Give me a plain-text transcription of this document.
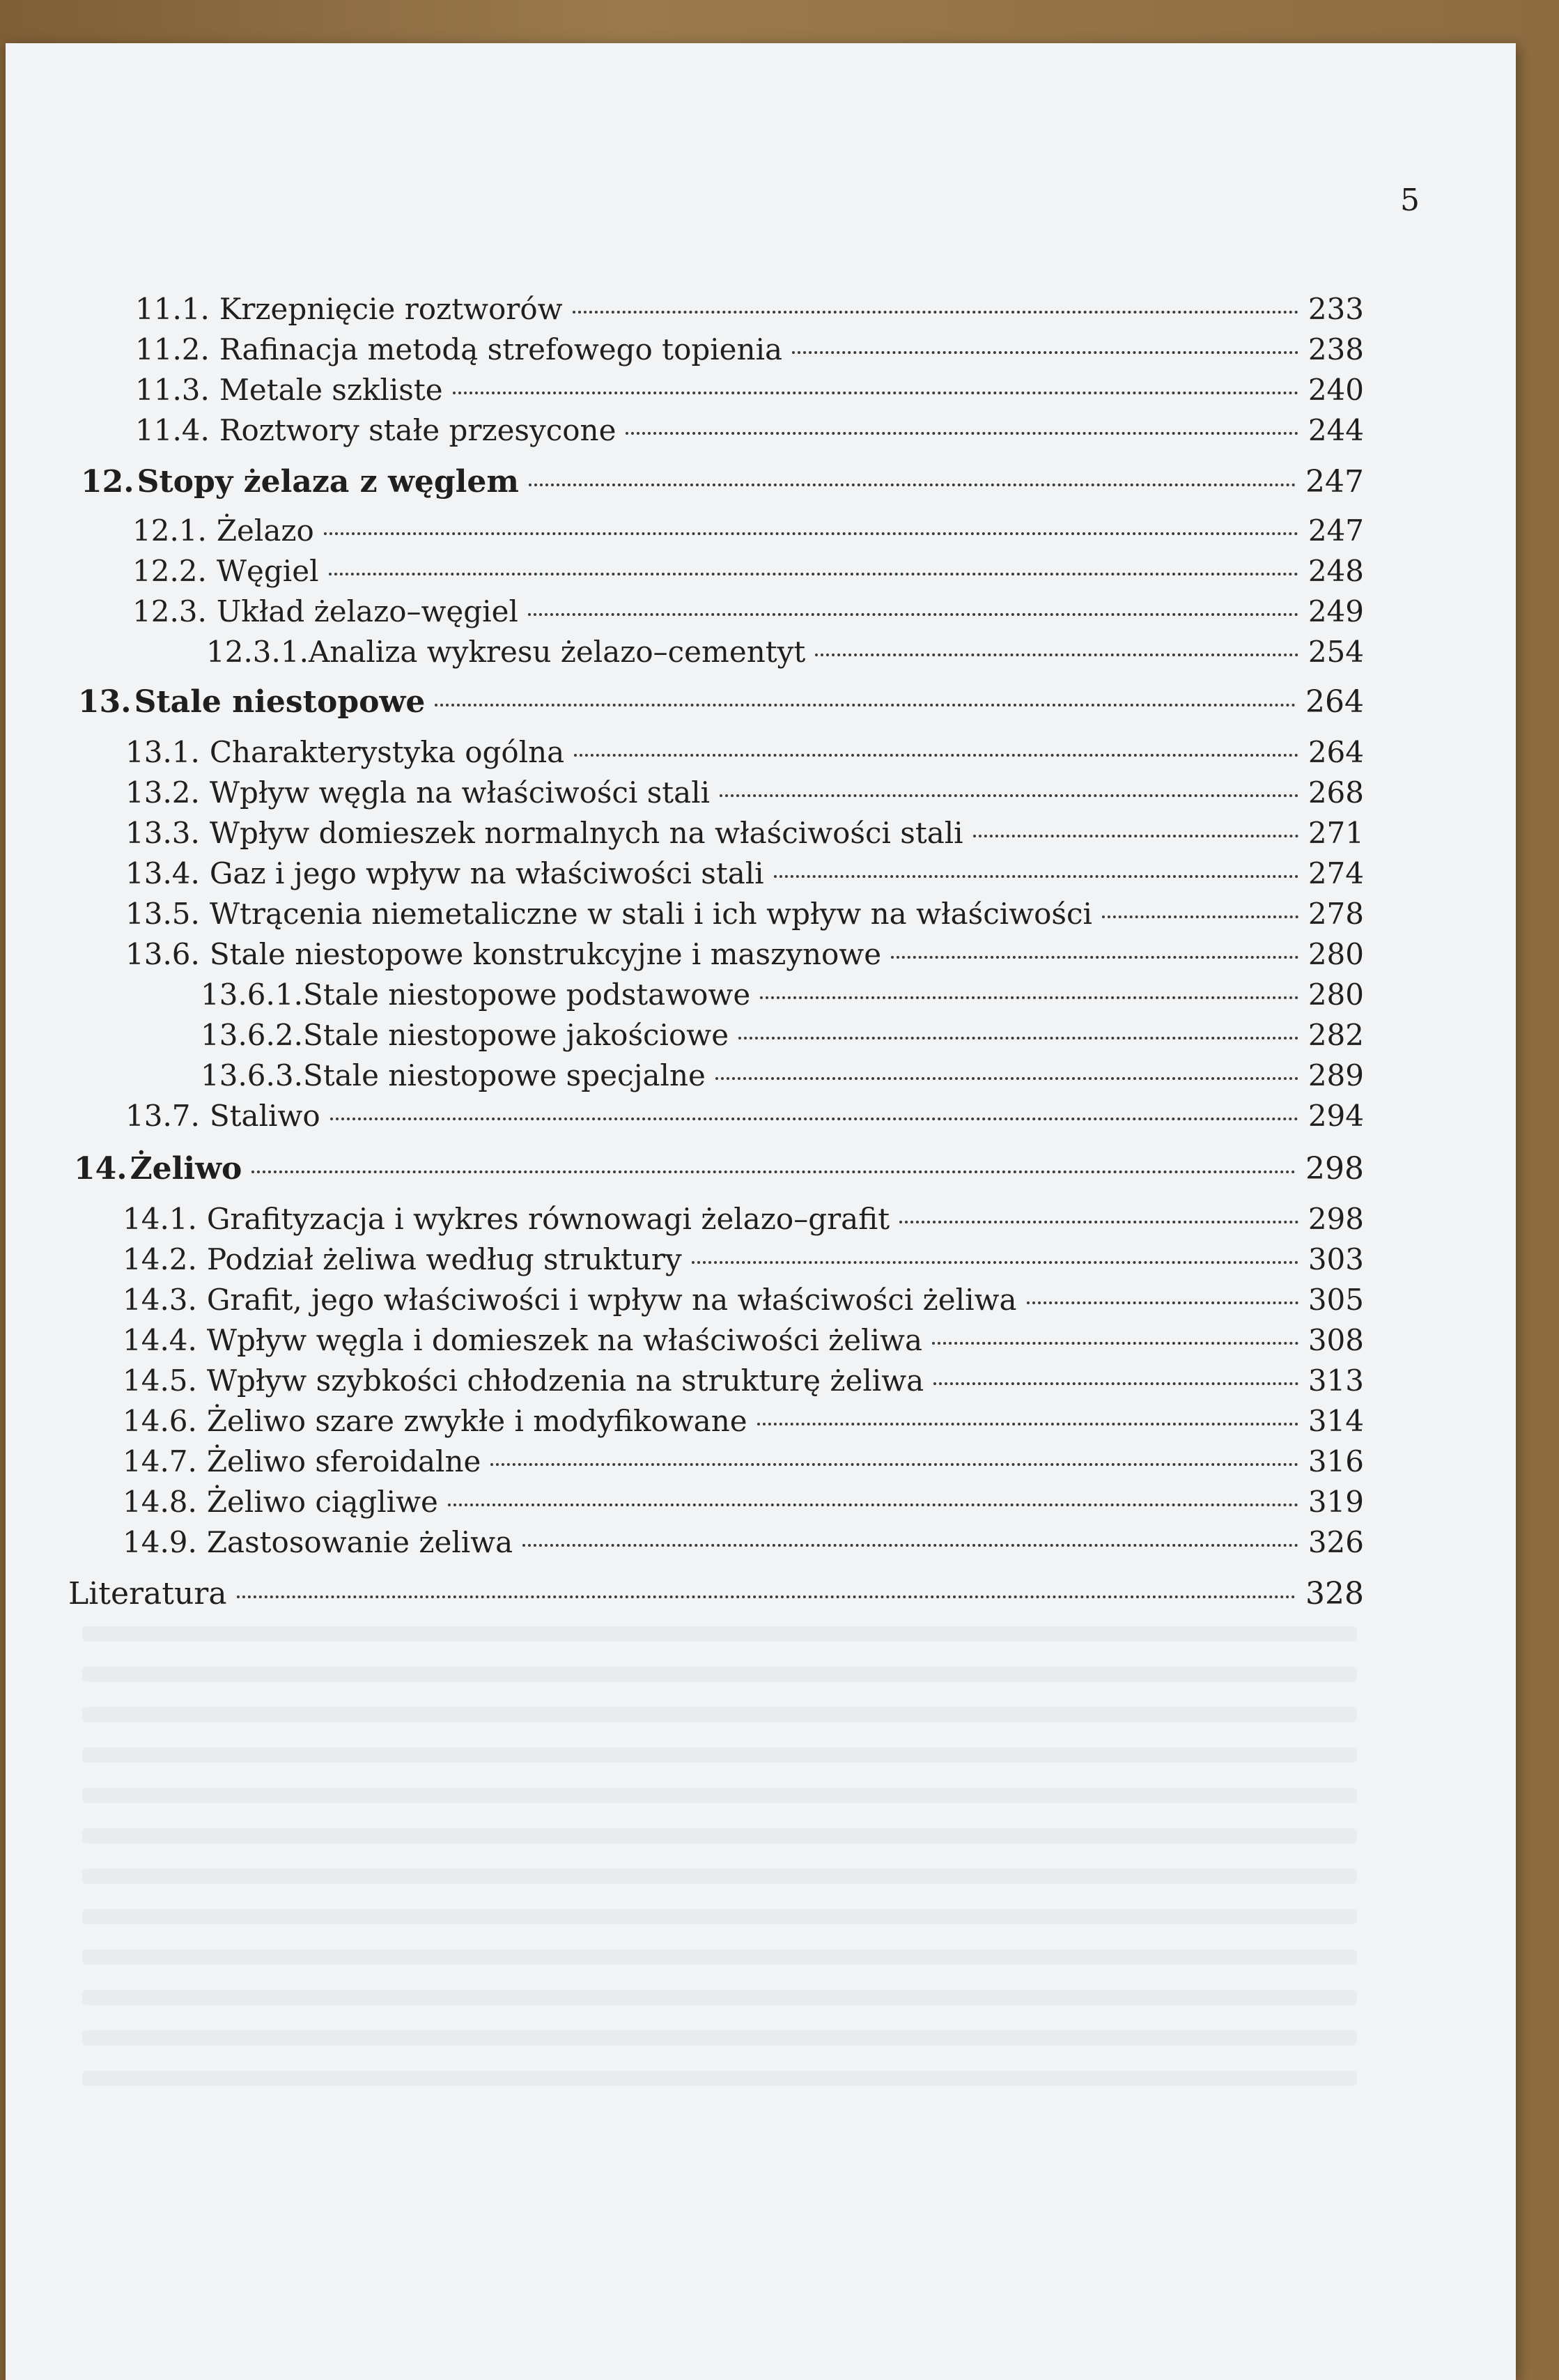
5
11.1. Krzepnięcie roztworów	233
11.2. Rafinacja metodą strefowego topienia	238
11.3. Metale szkliste	240
11.4. Roztwory stałe przesycone	244
12. Stopy żelaza z węglem	247
12.1. Żelazo	247
12.2. Węgiel	248
12.3. Układ żelazo–węgiel	249
12.3.1. Analiza wykresu żelazo–cementyt	254
13. Stale niestopowe	264
13.1. Charakterystyka ogólna	264
13.2. Wpływ węgla na właściwości stali	268
13.3. Wpływ domieszek normalnych na właściwości stali	271
13.4. Gaz i jego wpływ na właściwości stali	274
13.5. Wtrącenia niemetaliczne w stali i ich wpływ na właściwości	278
13.6. Stale niestopowe konstrukcyjne i maszynowe	280
13.6.1. Stale niestopowe podstawowe	280
13.6.2. Stale niestopowe jakościowe	282
13.6.3. Stale niestopowe specjalne	289
13.7. Staliwo	294
14. Żeliwo	298
14.1. Grafityzacja i wykres równowagi żelazo–grafit	298
14.2. Podział żeliwa według struktury	303
14.3. Grafit, jego właściwości i wpływ na właściwości żeliwa	305
14.4. Wpływ węgla i domieszek na właściwości żeliwa	308
14.5. Wpływ szybkości chłodzenia na strukturę żeliwa	313
14.6. Żeliwo szare zwykłe i modyfikowane	314
14.7. Żeliwo sferoidalne	316
14.8. Żeliwo ciągliwe	319
14.9. Zastosowanie żeliwa	326
Literatura	328
